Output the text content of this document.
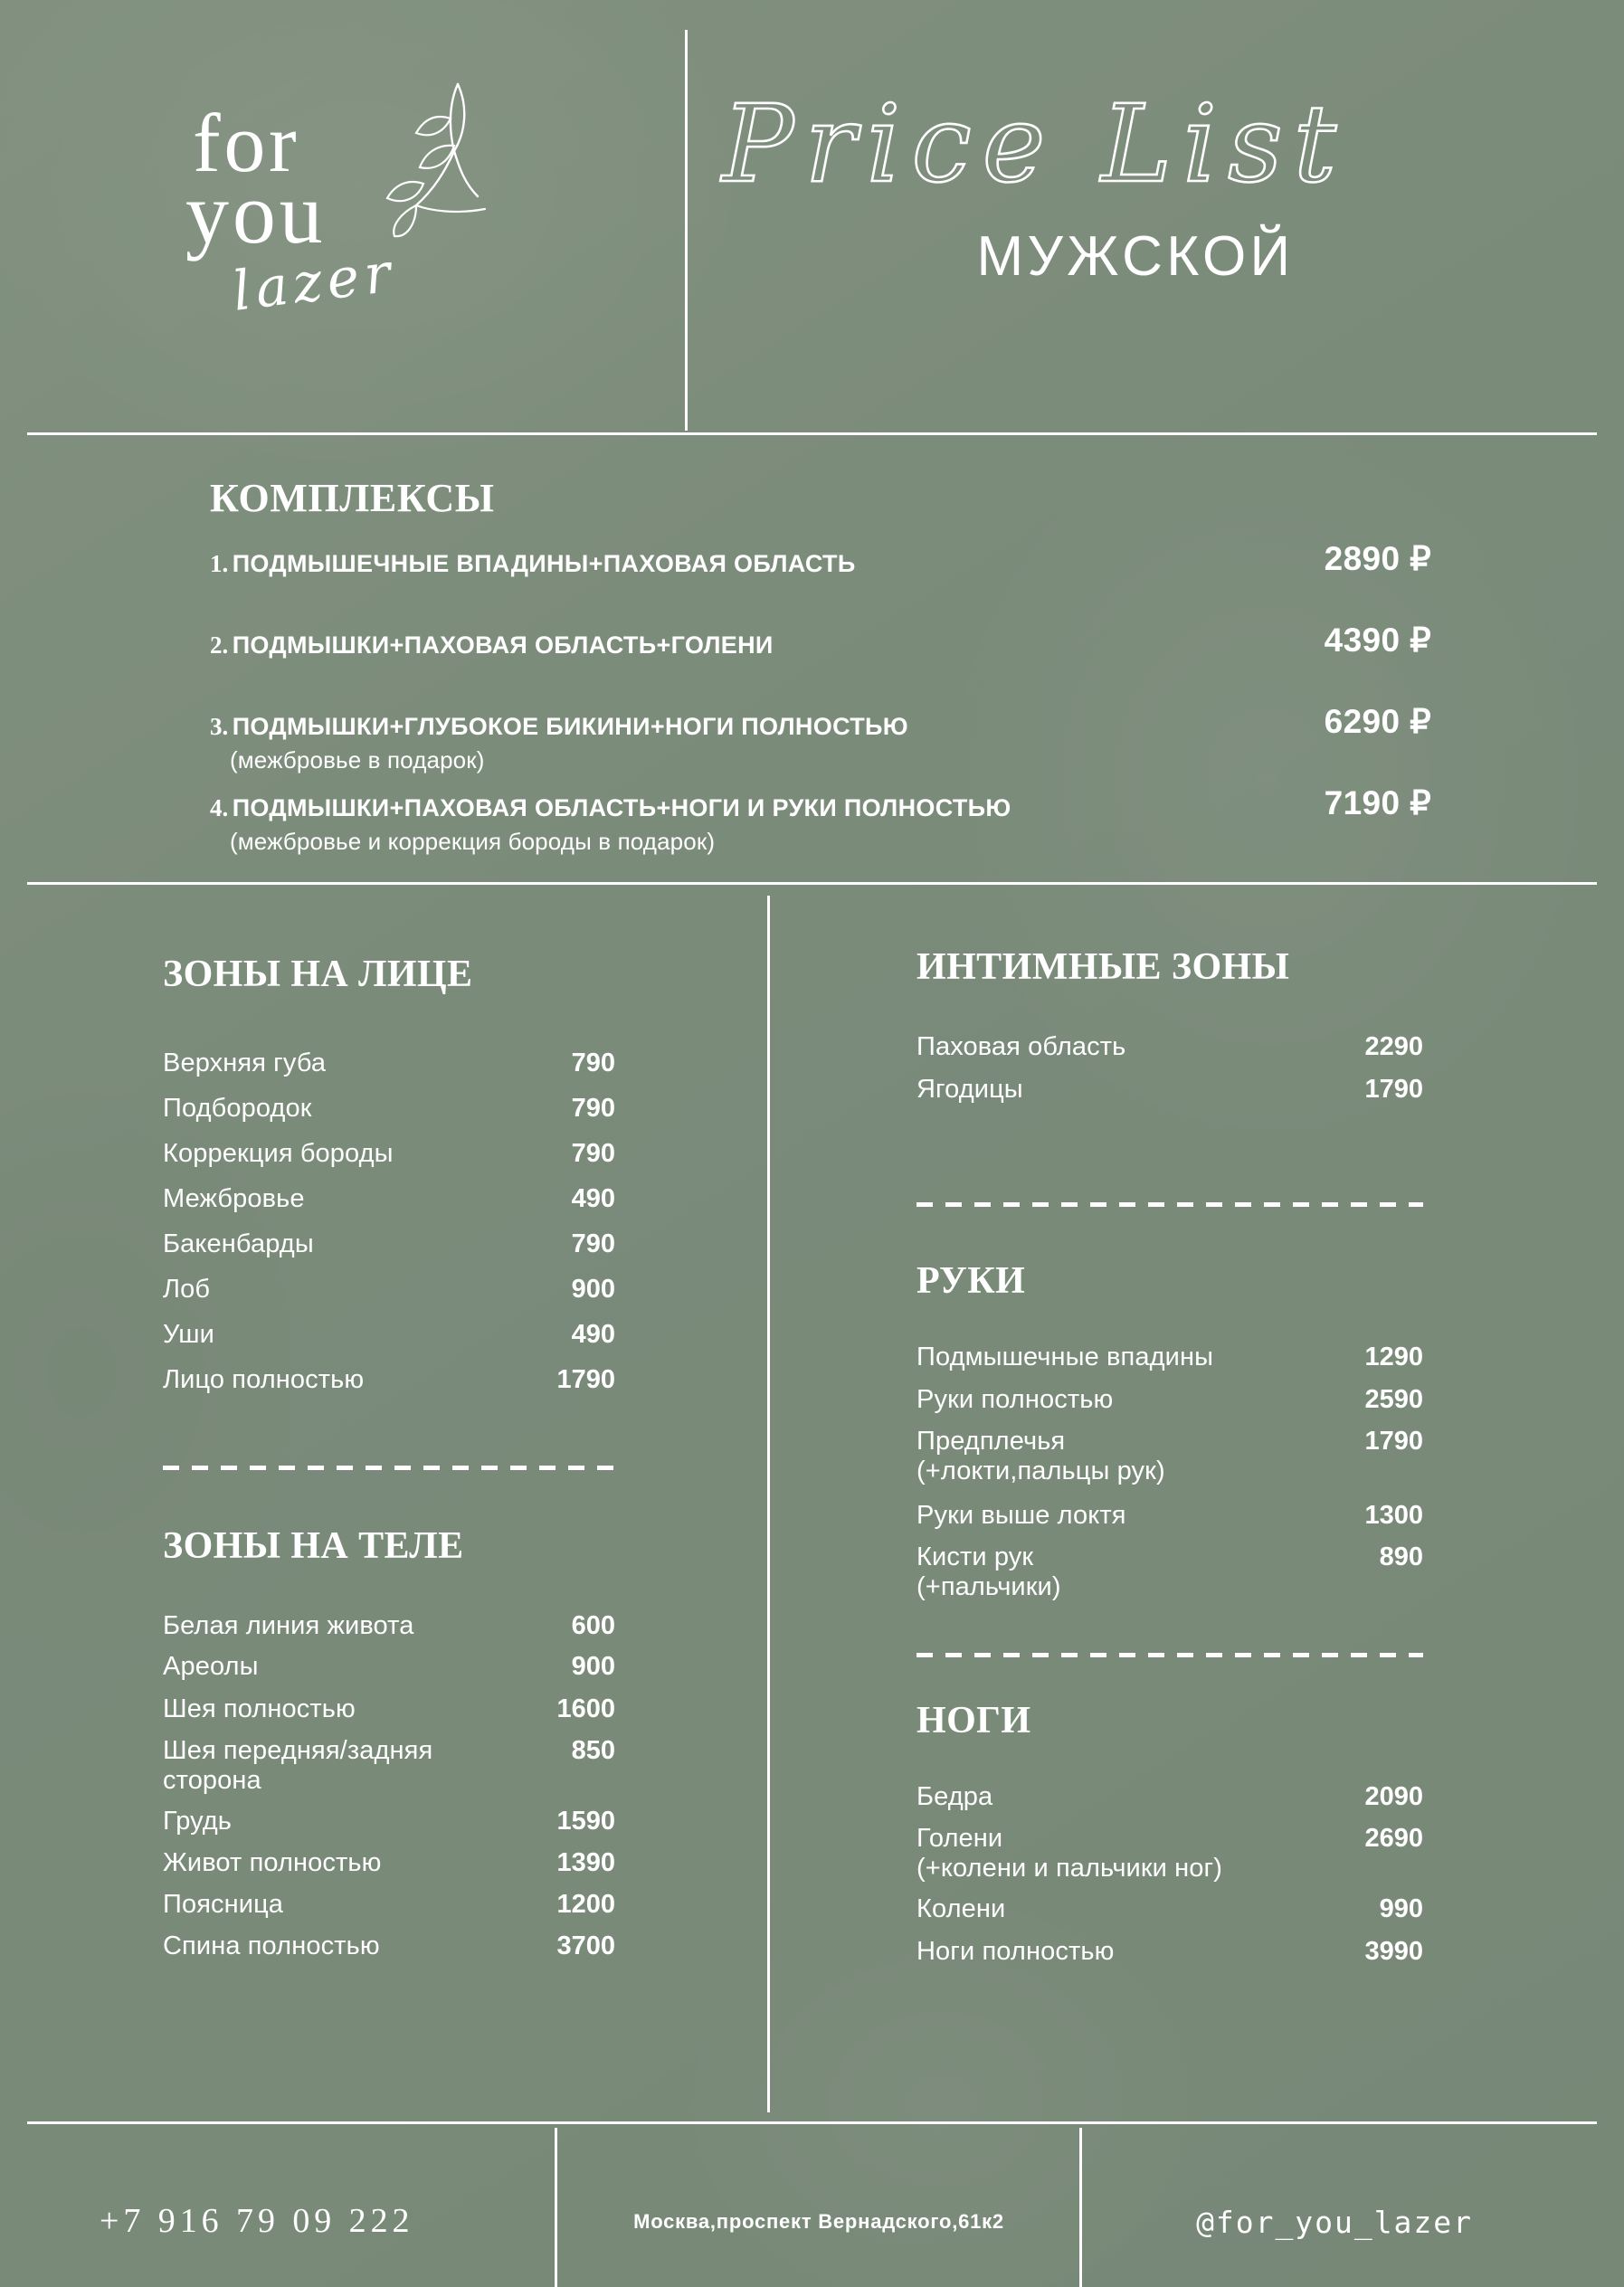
for
you
lazer
Price List
МУЖСКОЙ
КОМПЛЕКСЫ
1. ПОДМЫШЕЧНЫЕ ВПАДИНЫ+ПАХОВАЯ ОБЛАСТЬ	2890 ₽
2. ПОДМЫШКИ+ПАХОВАЯ ОБЛАСТЬ+ГОЛЕНИ	4390 ₽
3. ПОДМЫШКИ+ГЛУБОКОЕ БИКИНИ+НОГИ ПОЛНОСТЬЮ	6290 ₽
(межбровье в подарок)
4. ПОДМЫШКИ+ПАХОВАЯ ОБЛАСТЬ+НОГИ И РУКИ ПОЛНОСТЬЮ	7190 ₽
(межбровье и коррекция бороды в подарок)
ЗОНЫ НА ЛИЦЕ
Верхняя губа	790
Подбородок	790
Коррекция бороды	790
Межбровье	490
Бакенбарды	790
Лоб	900
Уши	490
Лицо полностью	1790
ЗОНЫ НА ТЕЛЕ
Белая линия живота	600
Ареолы	900
Шея полностью	1600
Шея передняя/задняя	850
сторона
Грудь	1590
Живот полностью	1390
Поясница	1200
Спина полностью	3700
ИНТИМНЫЕ ЗОНЫ
Паховая область	2290
Ягодицы	1790
РУКИ
Подмышечные впадины	1290
Руки полностью	2590
Предплечья	1790
(+локти,пальцы рук)
Руки выше локтя	1300
Кисти рук	890
(+пальчики)
НОГИ
Бедра	2090
Голени	2690
(+колени и пальчики ног)
Колени	990
Ноги полностью	3990
+7 916 79 09 222	Москва,проспект Вернадского,61к2	@for_you_lazer
